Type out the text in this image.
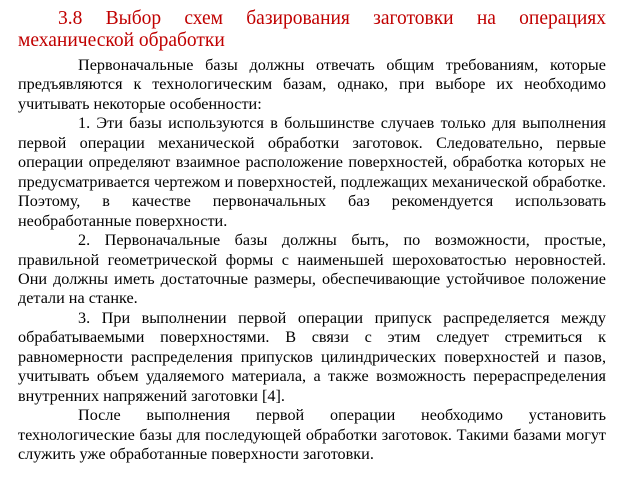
3.8 Выбор схем базирования заготовки на операциях
механической обработки

Первоначальные базы должны отвечать общим требованиям, которые предъявляются к технологическим базам, однако, при выборе их необходимо учитывать некоторые особенности:

1. Эти базы используются в большинстве случаев только для выполнения первой операции механической обработки заготовок. Следовательно, первые операции определяют взаимное расположение поверхностей, обработка которых не предусматривается чертежом и поверхностей, подлежащих механической обработке. Поэтому, в качестве первоначальных баз рекомендуется использовать необработанные поверхности.

2. Первоначальные базы должны быть, по возможности, простые, правильной геометрической формы с наименьшей шероховатостью неровностей. Они должны иметь достаточные размеры, обеспечивающие устойчивое положение детали на станке.

3. При выполнении первой операции припуск распределяется между обрабатываемыми поверхностями. В связи с этим следует стремиться к равномерности распределения припусков цилиндрических поверхностей и пазов, учитывать объем удаляемого материала, а также возможность перераспределения внутренних напряжений заготовки [4].

После выполнения первой операции необходимо установить технологические базы для последующей обработки заготовок. Такими базами могут служить уже обработанные поверхности заготовки.
